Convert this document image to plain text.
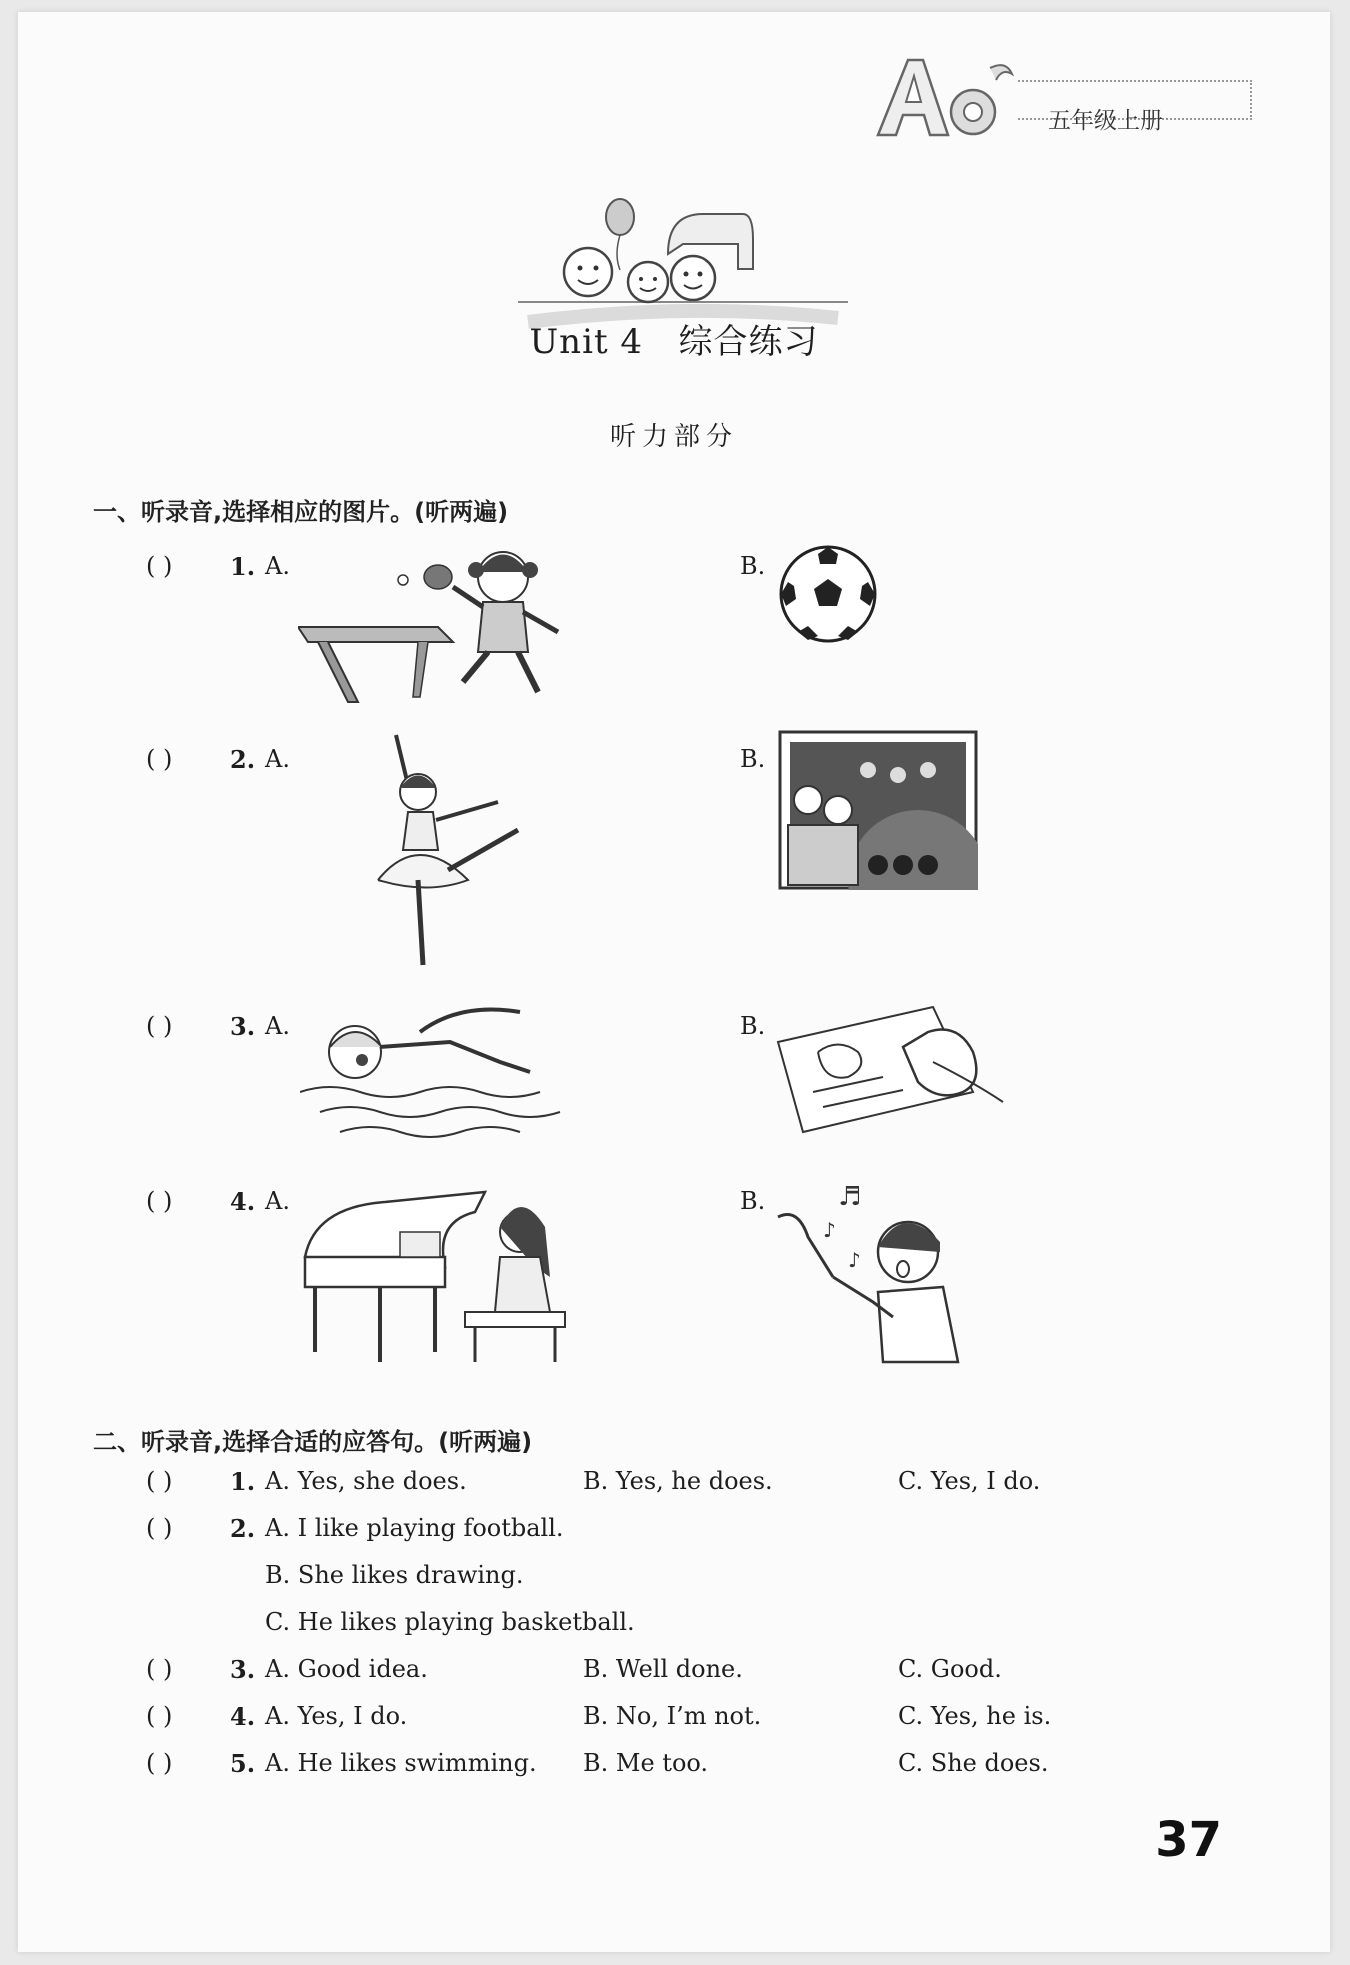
五年级上册
Unit 4   综合练习
听力部分
一、听录音,选择相应的图片。(听两遍)
( ) 1. A.	B.
( ) 2. A.	B.
( ) 3. A.	B.
( ) 4. A.	B.	♬
♪
♪
二、听录音,选择合适的应答句。(听两遍)
( ) 1. A. Yes, she does.	B. Yes, he does.	C. Yes, I do.
( ) 2. A. I like playing football.
B. She likes drawing.
C. He likes playing basketball.
( ) 3. A. Good idea.	B. Well done.	C. Good.
( ) 4. A. Yes, I do.	B. No, I’m not.	C. Yes, he is.
( ) 5. A. He likes swimming. B. Me too.	C. She does.
37
